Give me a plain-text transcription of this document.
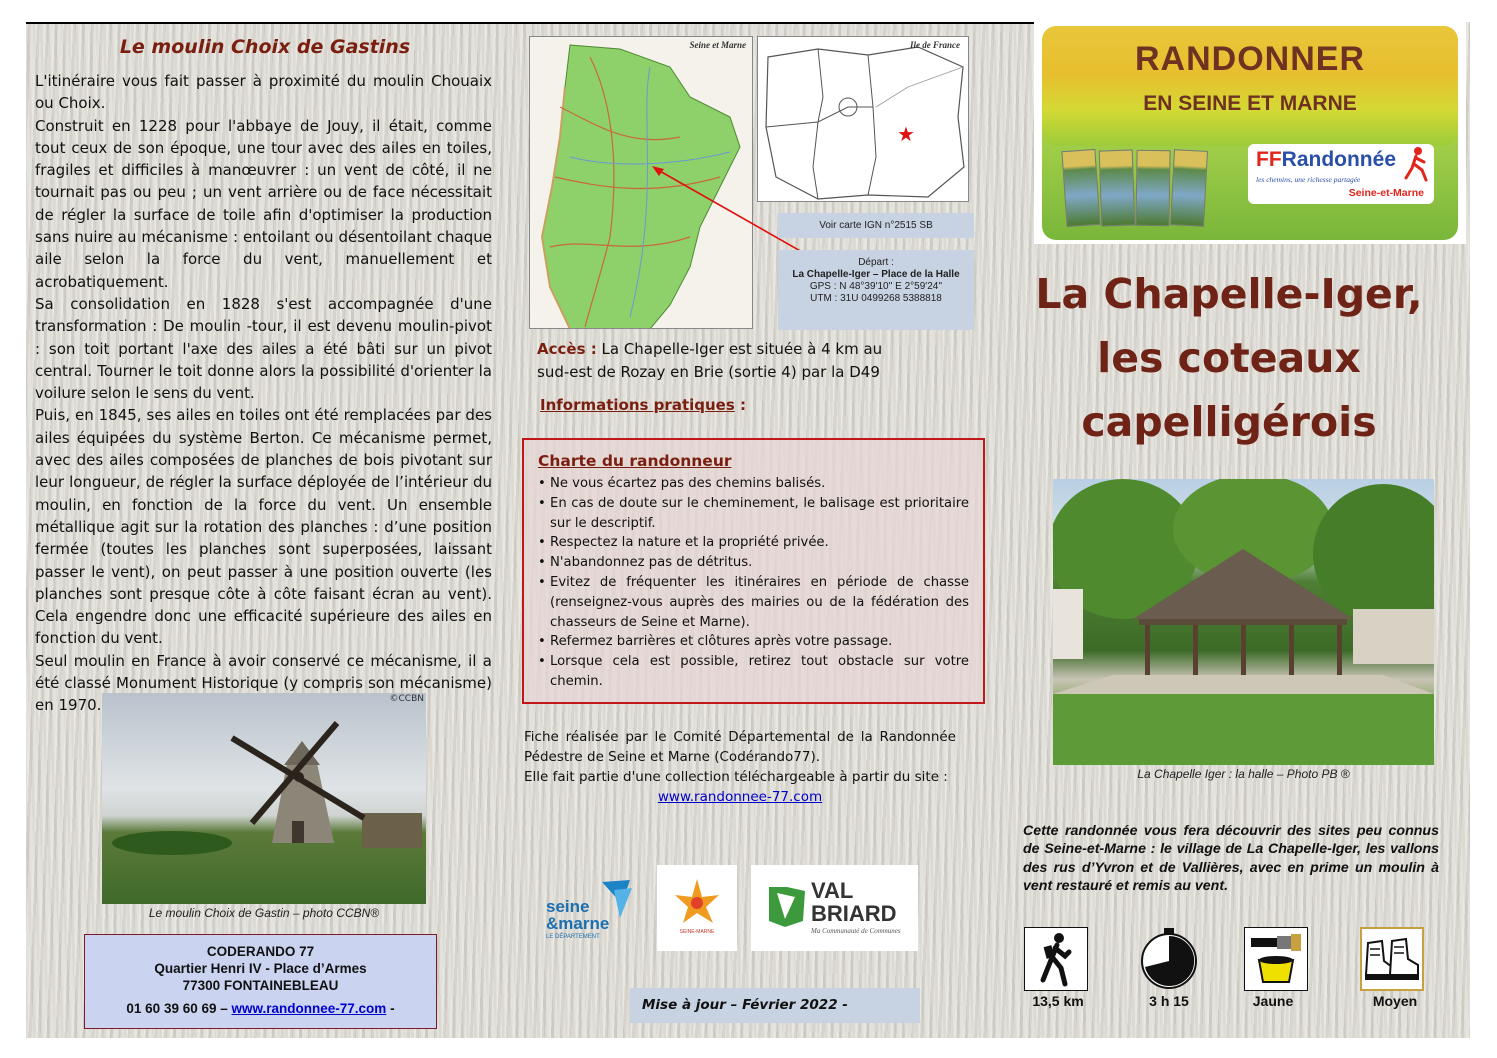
Le moulin Choix de Gastins

L'itinéraire vous fait passer à proximité du moulin Chouaix ou Choix.

Construit en 1228 pour l'abbaye de Jouy, il était, comme tout ceux de son époque, une tour avec des ailes en toiles, fragiles et difficiles à manœuvrer : un vent de côté, il ne tournait pas ou peu ; un vent arrière ou de face nécessitait de régler la surface de toile afin d'optimiser la production sans nuire au mécanisme : entoilant ou désentoilant chaque aile selon la force du vent, manuellement et acrobatiquement.

Sa consolidation en 1828 s'est accompagnée d'une transformation : De moulin -tour, il est devenu moulin-pivot : son toit portant l'axe des ailes a été bâti sur un pivot central. Tourner le toit donne alors la possibilité d'orienter la voilure selon le sens du vent.

Puis, en 1845, ses ailes en toiles ont été remplacées par des ailes équipées du système Berton. Ce mécanisme permet, avec des ailes composées de planches de bois pivotant sur leur longueur, de régler la surface déployée de l’intérieur du moulin, en fonction de la force du vent. Un ensemble métallique agit sur la rotation des planches : d’une position fermée (toutes les planches sont superposées, laissant passer le vent), on peut passer à une position ouverte (les planches sont presque côte à côte faisant écran au vent). Cela engendre donc une efficacité supérieure des ailes en fonction du vent.

Seul moulin en France à avoir conservé ce mécanisme, il a été classé Monument Historique (y compris son mécanisme) en 1970.	©CCBN
Le moulin Choix de Gastin – photo CCBN®
CODERANDO 77
Quartier Henri IV - Place d’Armes
77300 FONTAINEBLEAU
01 60 39 60 69 – www.randonnee-77.com -
Seine et Marne
★
Ile de France
Voir carte IGN n°2515 SB
Départ :
La Chapelle-Iger – Place de la Halle
GPS : N 48°39'10'' E 2°59'24''
UTM : 31U 0499268 5388818
Accès : La Chapelle-Iger est située à 4 km au
sud-est de Rozay en Brie (sortie 4) par la D49
Informations pratiques :
Charte du randonneur
• Ne vous écartez pas des chemins balisés.
• En cas de doute sur le cheminement, le balisage est prioritaire sur le descriptif.
• Respectez la nature et la propriété privée.
• N'abandonnez pas de détritus.
• Evitez de fréquenter les itinéraires en période de chasse (renseignez-vous auprès des mairies ou de la fédération des chasseurs de Seine et Marne).
• Refermez barrières et clôtures après votre passage.
• Lorsque cela est possible, retirez tout obstacle sur votre chemin.
Fiche réalisée par le Comité Départemental de la Randonnée Pédestre de Seine et Marne (Codérando77).
Elle fait partie d'une collection téléchargeable à partir du site :
www.randonnee-77.com
seine
&marne
LE DÉPARTEMENT
SEINE-MARNE
VAL
BRIARD
Ma Communauté de Communes
Mise à jour – Février 2022 -
RANDONNER
EN SEINE ET MARNE
FFRandonnée
les chemins, une richesse partagée
Seine-et-Marne
La Chapelle-Iger,
les coteaux
capelligérois
La Chapelle Iger : la halle – Photo PB ®
Cette randonnée vous fera découvrir des sites peu connus de Seine-et-Marne : le village de La Chapelle-Iger, les vallons des rus d’Yvron et de Vallières, avec en prime un moulin à vent restauré et remis au vent.
13,5 km	3 h 15	Jaune	Moyen
